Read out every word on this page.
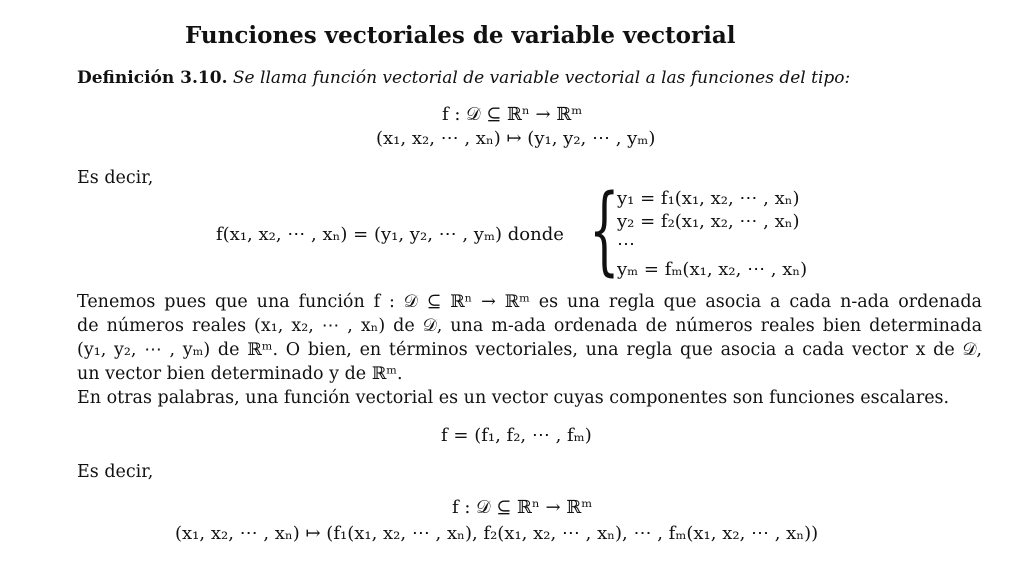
Funciones vectoriales de variable vectorial
Definición 3.10. Se llama función vectorial de variable vectorial a las funciones del tipo:
f : 𝒟 ⊆ ℝⁿ → ℝᵐ
(x₁, x₂, ⋯ , xₙ) ↦ (y₁, y₂, ⋯ , yₘ)
Es decir,
f(x₁, x₂, ⋯ , xₙ) = (y₁, y₂, ⋯ , yₘ) donde {
y₁ = f₁(x₁, x₂, ⋯ , xₙ)
y₂ = f₂(x₁, x₂, ⋯ , xₙ)
⋯
yₘ = fₘ(x₁, x₂, ⋯ , xₙ)
Tenemos pues que una función f : 𝒟 ⊆ ℝⁿ → ℝᵐ es una regla que asocia a cada n-ada ordenada
de números reales (x₁, x₂, ⋯ , xₙ) de 𝒟, una m-ada ordenada de números reales bien determinada
(y₁, y₂, ⋯ , yₘ) de ℝᵐ. O bien, en términos vectoriales, una regla que asocia a cada vector x de 𝒟,
un vector bien determinado y de ℝᵐ.
En otras palabras, una función vectorial es un vector cuyas componentes son funciones escalares.
f = (f₁, f₂, ⋯ , fₘ)
Es decir,
f : 𝒟 ⊆ ℝⁿ → ℝᵐ
(x₁, x₂, ⋯ , xₙ) ↦ (f₁(x₁, x₂, ⋯ , xₙ), f₂(x₁, x₂, ⋯ , xₙ), ⋯ , fₘ(x₁, x₂, ⋯ , xₙ))
